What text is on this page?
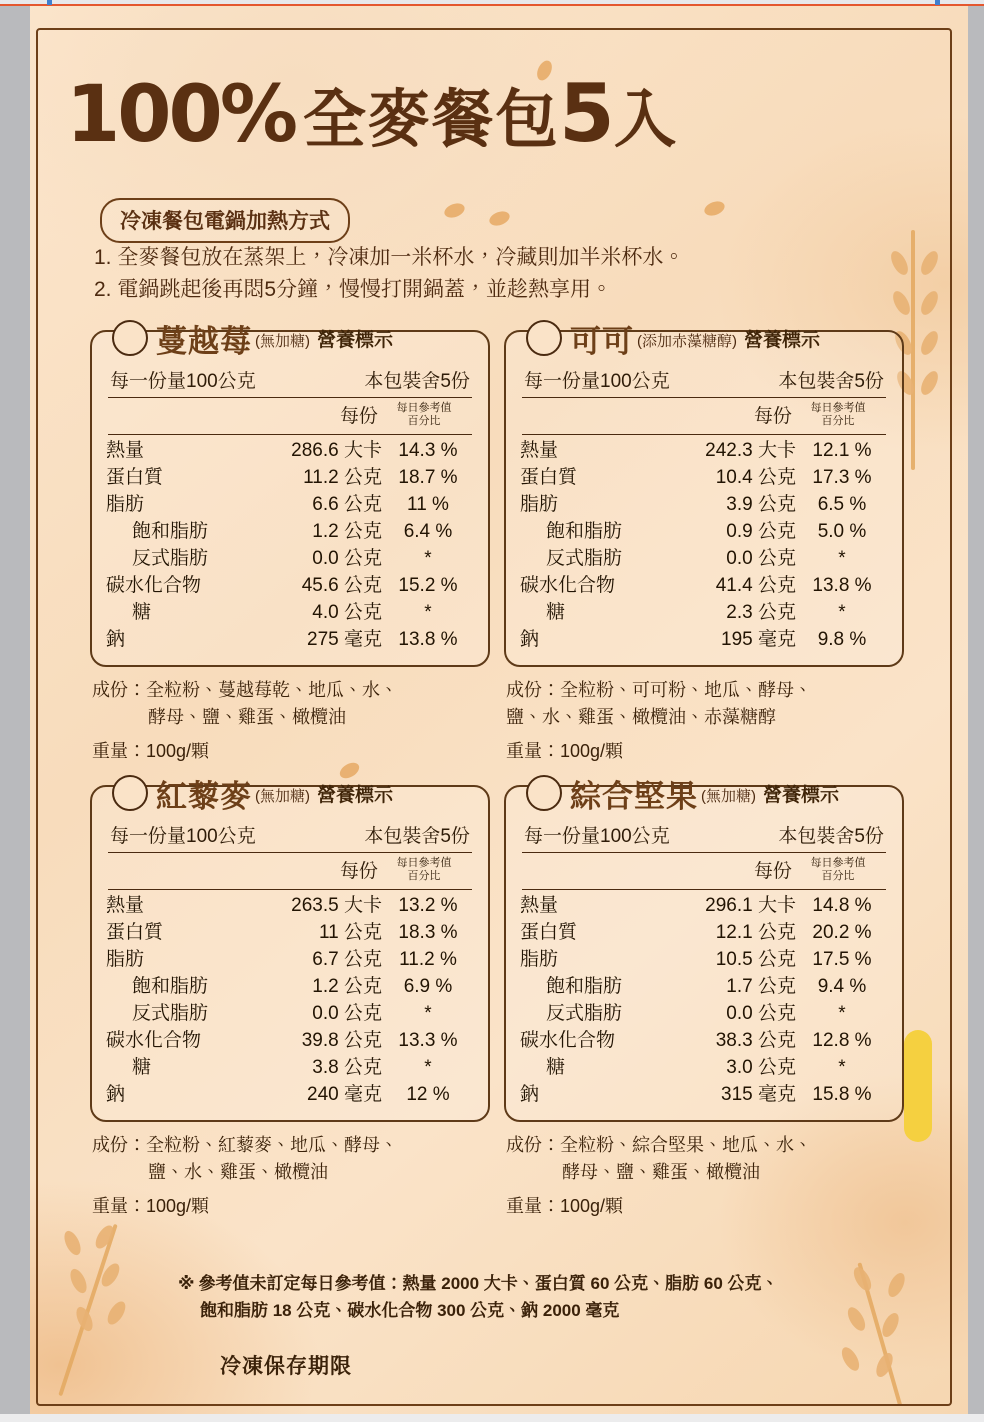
100% 全麥餐包5入
冷凍餐包電鍋加熱方式
1. 全麥餐包放在蒸架上，冷凍加一米杯水，冷藏則加半米杯水。
2. 電鍋跳起後再悶5分鐘，慢慢打開鍋蓋，並趁熱享用。
蔓越莓 (無加糖) 營養標示
每一份量100公克	本包裝舍5份
每份	每日參考值
百分比
熱量	286.6 大卡 14.3 %
蛋白質	11.2 公克 18.7 %
脂肪	6.6 公克	11 %
飽和脂肪	1.2 公克	6.4 %
反式脂肪	0.0 公克	*
碳水化合物	45.6 公克 15.2 %
糖	4.0 公克	*
鈉	275 毫克 13.8 %
成份：全粒粉、蔓越莓乾、地瓜、水、
酵母、鹽、雞蛋、橄欖油
重量：100g/顆
可可 (添加赤藻糖醇) 營養標示
每一份量100公克	本包裝舍5份
每份	每日參考值
百分比
熱量	242.3 大卡 12.1 %
蛋白質	10.4 公克 17.3 %
脂肪	3.9 公克	6.5 %
飽和脂肪	0.9 公克	5.0 %
反式脂肪	0.0 公克	*
碳水化合物	41.4 公克 13.8 %
糖	2.3 公克	*
鈉	195 毫克	9.8 %
成份：全粒粉、可可粉、地瓜、酵母、
鹽、水、雞蛋、橄欖油、赤藻糖醇
重量：100g/顆
紅藜麥 (無加糖) 營養標示
每一份量100公克	本包裝舍5份
每份	每日參考值
百分比
熱量	263.5 大卡 13.2 %
蛋白質	11 公克 18.3 %
脂肪	6.7 公克 11.2 %
飽和脂肪	1.2 公克	6.9 %
反式脂肪	0.0 公克	*
碳水化合物	39.8 公克 13.3 %
糖	3.8 公克	*
鈉	240 毫克	12 %
成份：全粒粉、紅藜麥、地瓜、酵母、
鹽、水、雞蛋、橄欖油
重量：100g/顆
綜合堅果 (無加糖) 營養標示
每一份量100公克	本包裝舍5份
每份	每日參考值
百分比
熱量	296.1 大卡 14.8 %
蛋白質	12.1 公克 20.2 %
脂肪	10.5 公克 17.5 %
飽和脂肪	1.7 公克	9.4 %
反式脂肪	0.0 公克	*
碳水化合物	38.3 公克 12.8 %
糖	3.0 公克	*
鈉	315 毫克 15.8 %
成份：全粒粉、綜合堅果、地瓜、水、
酵母、鹽、雞蛋、橄欖油
重量：100g/顆
※ 參考值未訂定每日參考值：熱量 2000 大卡、蛋白質 60 公克、脂肪 60 公克、
飽和脂肪 18 公克、碳水化合物 300 公克、鈉 2000 毫克
冷凍保存期限
